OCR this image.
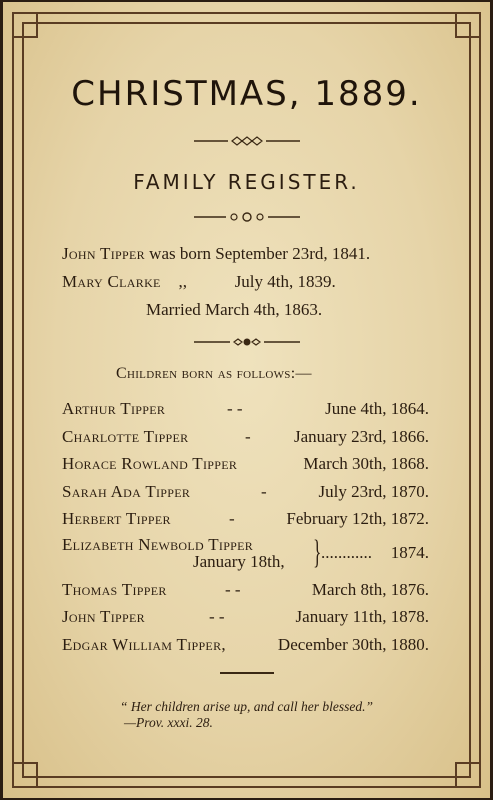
CHRISTMAS, 1889.
FAMILY REGISTER.
John Tipper was born September 23rd, 1841.
Mary Clarke ,,	July 4th, 1839.
Married March 4th, 1863.
Children born as follows:—
Arthur Tipper	- -	June 4th, 1864.
Charlotte Tipper	-	January 23rd, 1866.
Horace Rowland Tipper	March 30th, 1868.
Sarah Ada Tipper	-	July 23rd, 1870.
Herbert Tipper	-	February 12th, 1872.
Elizabeth Newbold Tipper
January 18th, } ............ 1874.
Thomas Tipper	- -	March 8th, 1876.
John Tipper	- -	January 11th, 1878.
Edgar William Tipper,	December 30th, 1880.
“ Her children arise up, and call her blessed.”
—Prov. xxxi. 28.
